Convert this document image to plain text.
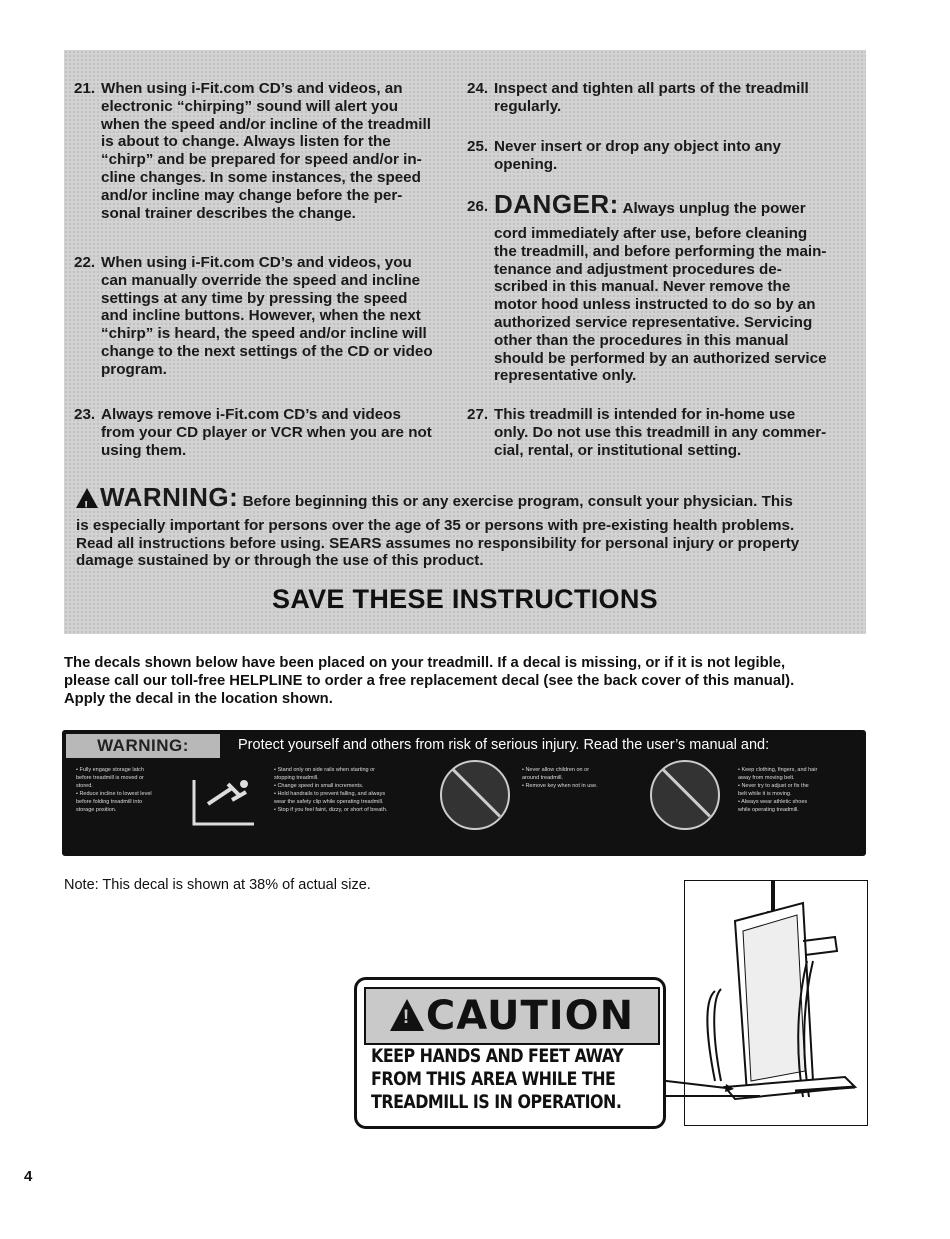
21. When using i-Fit.com CD’s and videos, an
electronic “chirping” sound will alert you
when the speed and/or incline of the treadmill
is about to change. Always listen for the
“chirp” and be prepared for speed and/or in-
cline changes. In some instances, the speed
and/or incline may change before the per-
sonal trainer describes the change.
22. When using i-Fit.com CD’s and videos, you
can manually override the speed and incline
settings at any time by pressing the speed
and incline buttons. However, when the next
“chirp” is heard, the speed and/or incline will
change to the next settings of the CD or video
program.
23. Always remove i-Fit.com CD’s and videos
from your CD player or VCR when you are not
using them.
24. Inspect and tighten all parts of the treadmill
regularly.
25. Never insert or drop any object into any
opening.
26. DANGER: Always unplug the power
cord immediately after use, before cleaning
the treadmill, and before performing the main-
tenance and adjustment procedures de-
scribed in this manual. Never remove the
motor hood unless instructed to do so by an
authorized service representative. Servicing
other than the procedures in this manual
should be performed by an authorized service
representative only.
27. This treadmill is intended for in-home use
only. Do not use this treadmill in any commer-
cial, rental, or institutional setting.
!WARNING: Before beginning this or any exercise program, consult your physician. This
is especially important for persons over the age of 35 or persons with pre-existing health problems.
Read all instructions before using. SEARS assumes no responsibility for personal injury or property
damage sustained by or through the use of this product.
SAVE THESE INSTRUCTIONS
The decals shown below have been placed on your treadmill. If a decal is missing, or if it is not legible,
please call our toll-free HELPLINE to order a free replacement decal (see the back cover of this manual).
Apply the decal in the location shown.
WARNING:	Protect yourself and others from risk of serious injury. Read the user’s manual and:
• Fully engage storage latch
before treadmill is moved or
stored.
• Reduce incline to lowest level
before folding treadmill into
storage position.
• Stand only on side rails when starting or
stopping treadmill.
• Change speed in small increments.
• Hold handrails to prevent falling, and always
wear the safety clip while operating treadmill.
• Stop if you feel faint, dizzy, or short of breath.
• Never allow children on or
around treadmill.
• Remove key when not in use.
• Keep clothing, fingers, and hair
away from moving belt.
• Never try to adjust or fix the
belt while it is moving.
• Always wear athletic shoes
while operating treadmill.
Note: This decal is shown at 38% of actual size.
!CAUTION
KEEP HANDS AND FEET AWAY
FROM THIS AREA WHILE THE
TREADMILL IS IN OPERATION.
4
